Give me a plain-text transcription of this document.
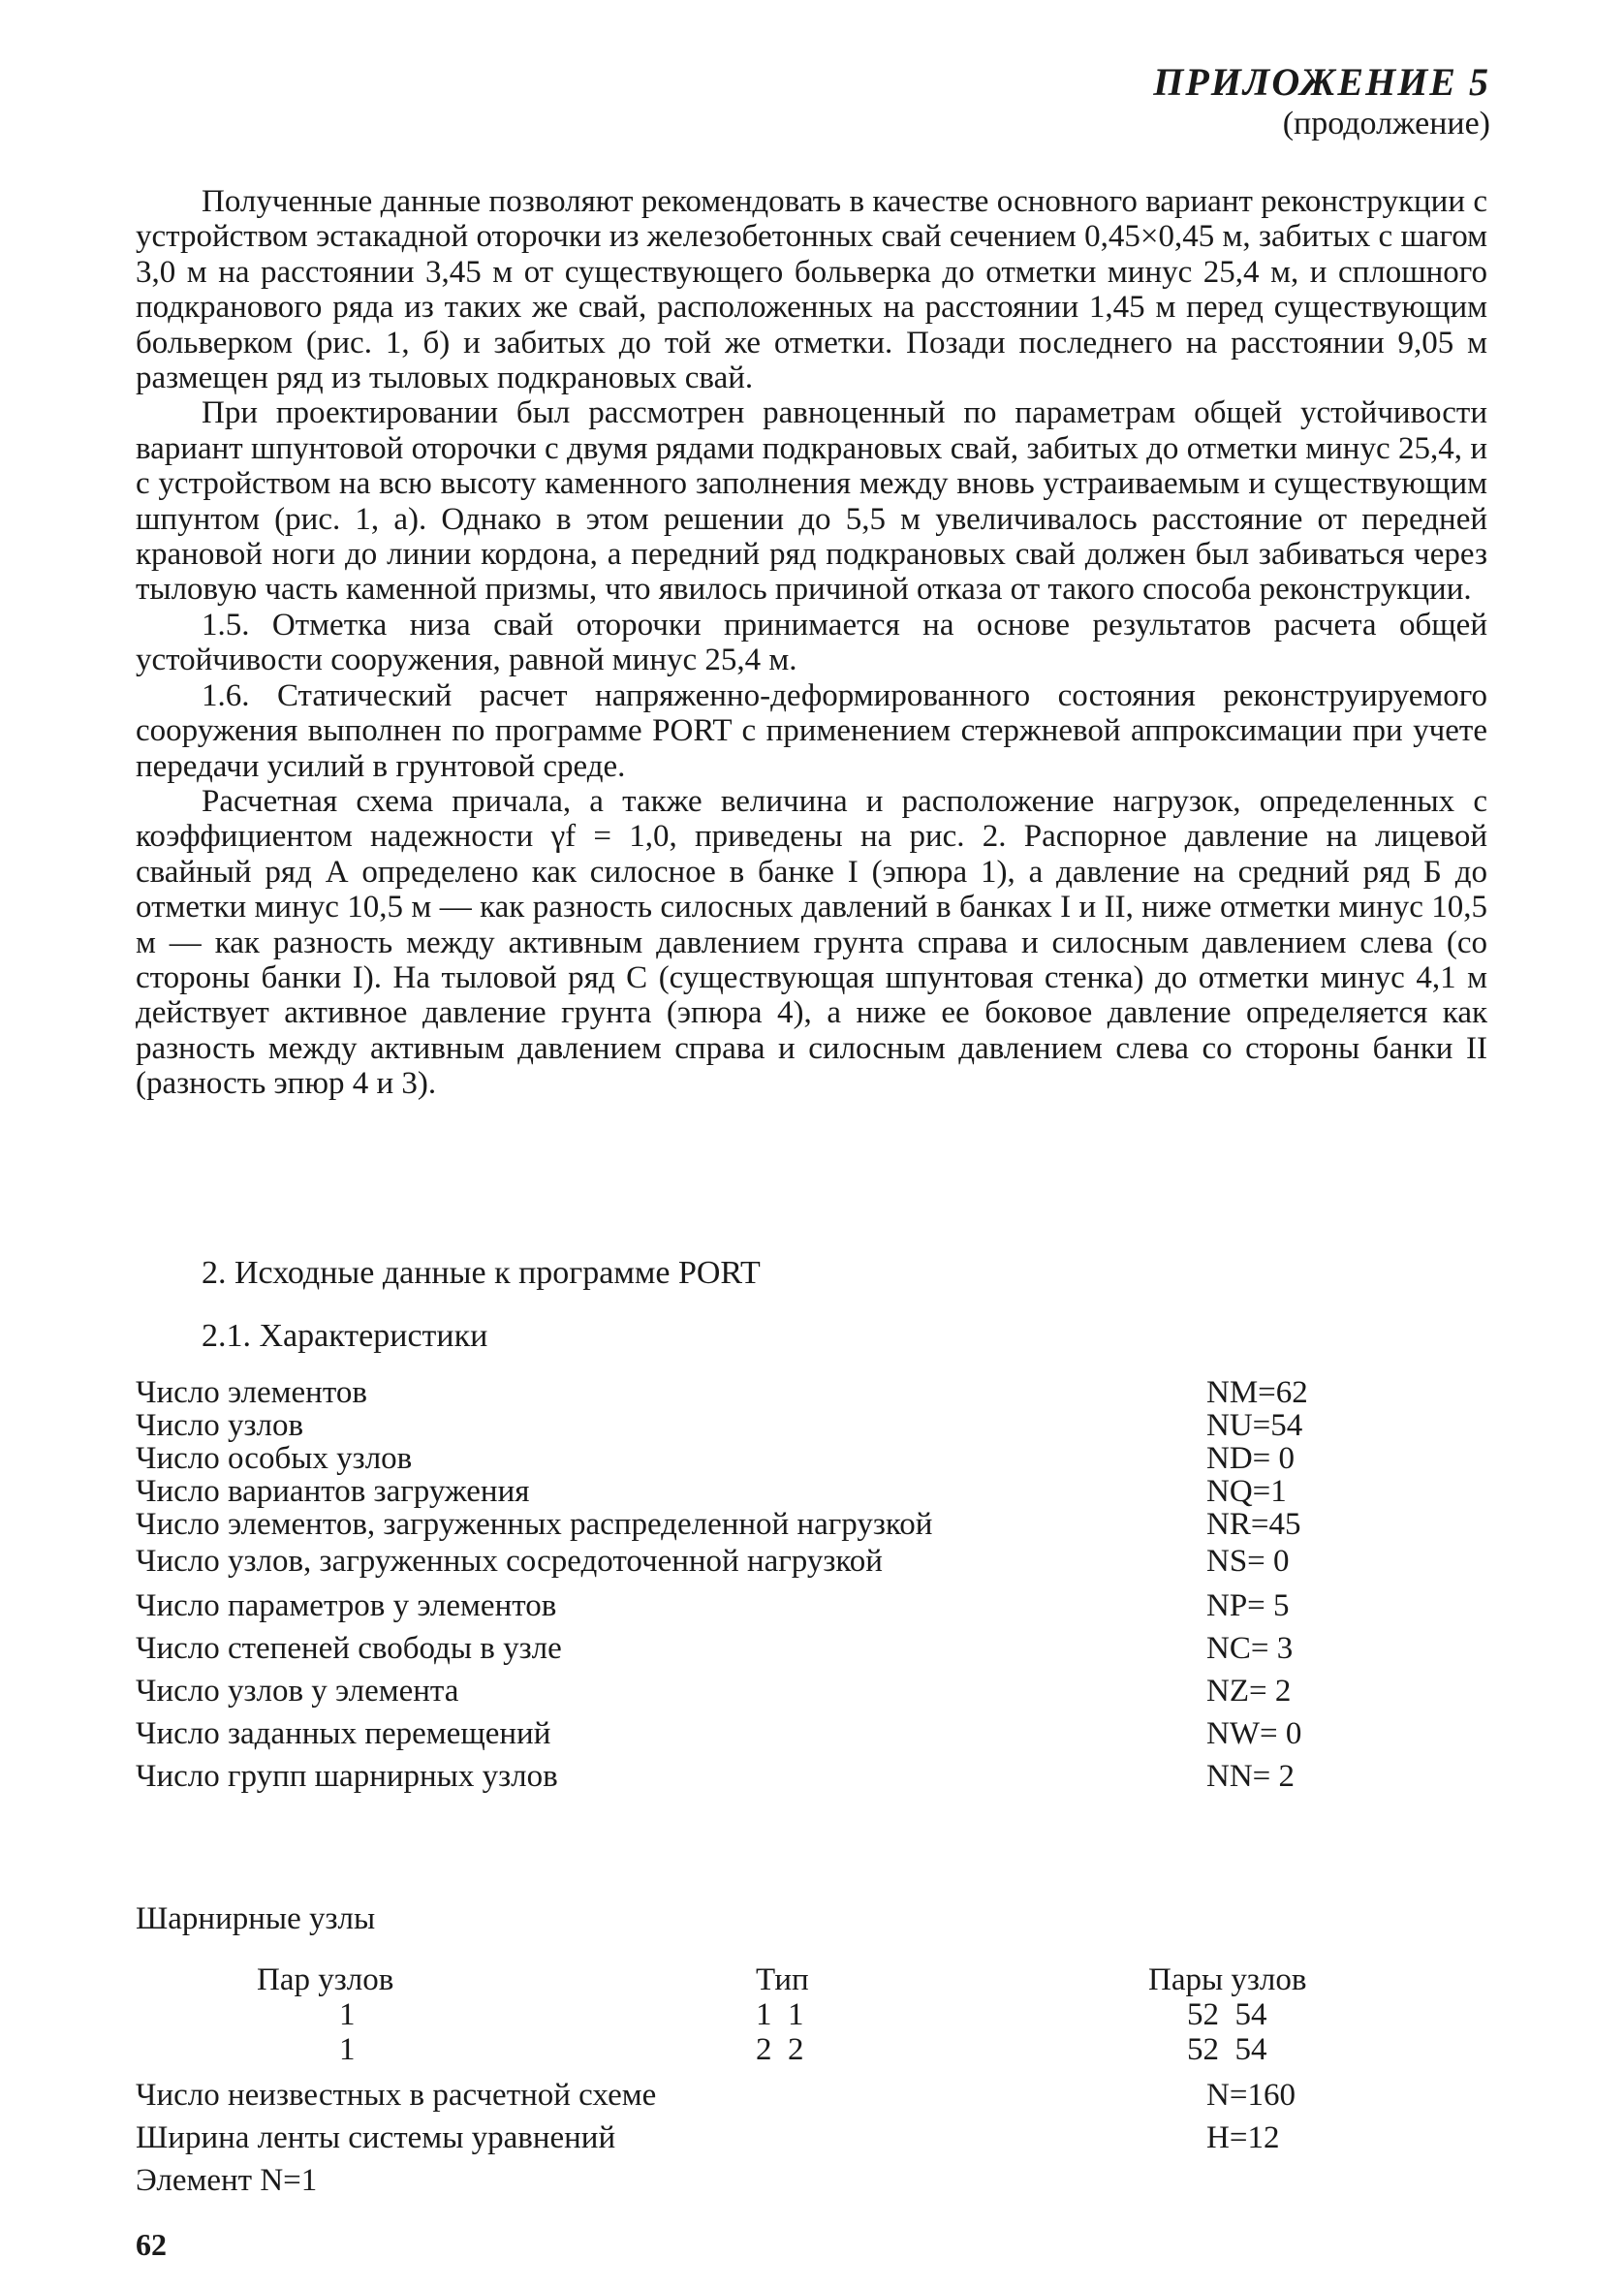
ПРИЛОЖЕНИЕ 5
(продолжение)

Полученные данные позволяют рекомендовать в качестве основного вариант реконструкции с устройством эстакадной оторочки из железобетонных свай сечением 0,45×0,45 м, забитых с шагом 3,0 м на расстоянии 3,45 м от существующего больверка до отметки минус 25,4 м, и сплошного подкранового ряда из таких же свай, расположенных на расстоянии 1,45 м перед существующим больверком (рис. 1, б) и забитых до той же отметки. Позади последнего на расстоянии 9,05 м размещен ряд из тыловых подкрановых свай.

При проектировании был рассмотрен равноценный по параметрам общей устойчивости вариант шпунтовой оторочки с двумя рядами подкрановых свай, забитых до отметки минус 25,4, и с устройством на всю высоту каменного заполнения между вновь устраиваемым и существующим шпунтом (рис. 1, а). Однако в этом решении до 5,5 м увеличивалось расстояние от передней крановой ноги до линии кордона, а передний ряд подкрановых свай должен был забиваться через тыловую часть каменной призмы, что явилось причиной отказа от такого способа реконструкции.

1.5. Отметка низа свай оторочки принимается на основе результатов расчета общей устойчивости сооружения, равной минус 25,4 м.

1.6. Статический расчет напряженно-деформированного состояния реконструируемого сооружения выполнен по программе PORT с применением стержневой аппроксимации при учете передачи усилий в грунтовой среде.

Расчетная схема причала, а также величина и расположение нагрузок, определенных с коэффициентом надежности γf = 1,0, приведены на рис. 2. Распорное давление на лицевой свайный ряд А определено как силосное в банке I (эпюра 1), а давление на средний ряд Б до отметки минус 10,5 м — как разность силосных давлений в банках I и II, ниже отметки минус 10,5 м — как разность между активным давлением грунта справа и силосным давлением слева (со стороны банки I). На тыловой ряд С (существующая шпунтовая стенка) до отметки минус 4,1 м действует активное давление грунта (эпюра 4), а ниже ее боковое давление определяется как разность между активным давлением справа и силосным давлением слева со стороны банки II (разность эпюр 4 и 3).

2. Исходные данные к программе PORT
2.1. Характеристики
Число элементов	NM=62
Число узлов	NU=54
Число особых узлов	ND= 0
Число вариантов загружения	NQ=1
Число элементов, загруженных распределенной нагрузкой	NR=45
Число узлов, загруженных сосредоточенной нагрузкой	NS= 0
Число параметров у элементов	NP= 5
Число степеней свободы в узле	NC= 3
Число узлов у элемента	NZ= 2
Число заданных перемещений	NW= 0
Число групп шарнирных узлов	NN= 2
Шарнирные узлы
Пар узлов	Тип	Пары узлов
1	1  1	52  54
1	2  2	52  54
Число неизвестных в расчетной схеме	N=160
Ширина ленты системы уравнений	H=12
Элемент N=1
62
